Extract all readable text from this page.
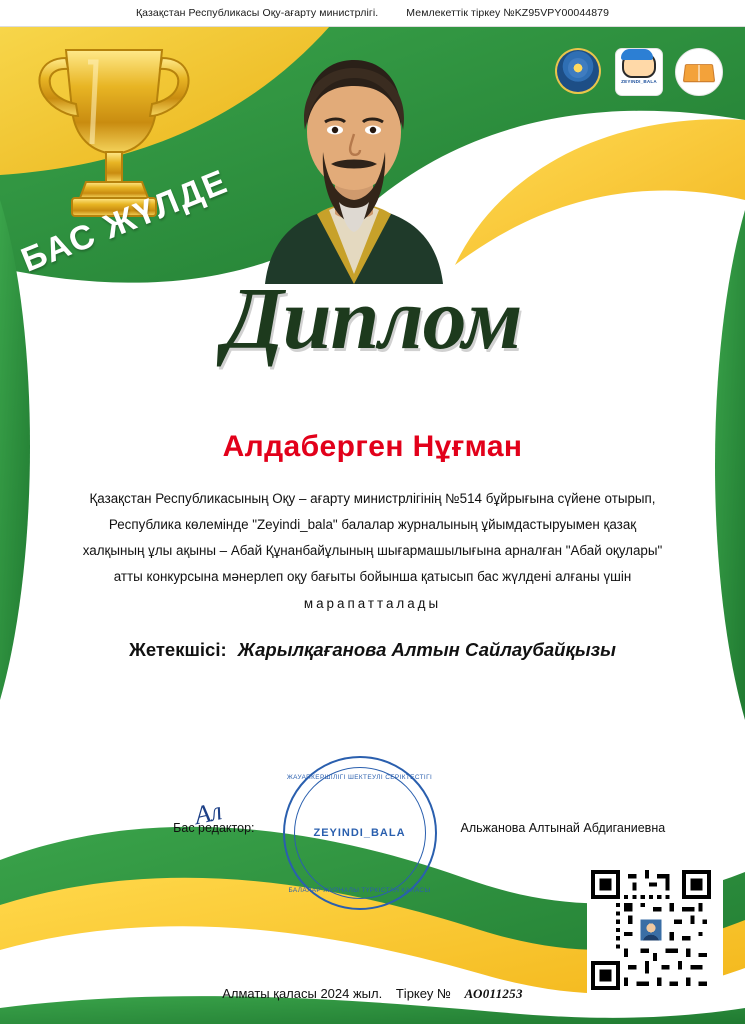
Қазақстан Республикасы Оқу-ағарту министрлігі.	Мемлекеттік тіркеу №KZ95VPY00044879
ZEYINDI_BALA
БАС ЖҮЛДЕ
Диплом
Алдаберген Нұғман
Қазақстан Республикасының Оқу – ағарту министрлігінің №514 бұйрығына сүйене отырып,
Республика көлемінде "Zeyindi_bala" балалар журналының ұйымдастыруымен қазақ
халқының ұлы ақыны – Абай Құнанбайұлының шығармашылығына арналған "Абай оқулары"
атты конкурсына мәнерлеп оқу бағыты бойынша қатысып бас жүлдені алғаны үшін
марапатталады
Жетекшісі: Жарылқағанова Алтын Сайлаубайқызы
Бас редактор:
Ал
ЖАУАПКЕРШІЛІГІ ШЕКТЕУЛІ СЕРІКТЕСТІГІ
ZEYINDI_BALA
БАЛАЛАР ЖУРНАЛЫ ТҮРКІСТАН ҚАЛАСЫ
Альжанова Алтынай Абдиганиевна
Алматы қаласы 2024 жыл. Тіркеу № АО011253
